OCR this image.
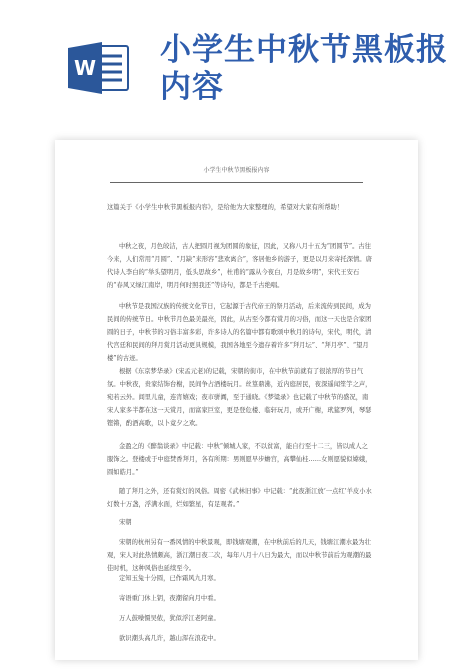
W 小学生中秋节黑板报内容
小学生中秋节黑板报内容
这篇关于《小学生中秋节黑板报内容》，是给他为大家整理的，希望对大家有所帮助！
中秋之夜，月色皎洁，古人把圆月视为团圆的象征，因此，又称八月十五为“团圆节”。古往今来，人们常用“月圆”、“月缺”来形容“悲欢离合”，客居他乡的游子，更是以月来寄托深情。唐代诗人李白的“举头望明月，低头思故乡”，杜甫的“露从今夜白，月是故乡明”，宋代王安石的“春风又绿江南岸，明月何时照我还”等诗句，都是千古绝唱。
中秋节是我国汉族的传统文化节日，它起源于古代帝王的祭月活动，后来流传到民间，成为民间的传统节日。中秋节月色最美最亮，因此，从古至今都有赏月的习俗，而这一天也是合家团圆的日子，中秋节的习俗丰富多彩，许多诗人的名篇中都有歌颂中秋月的诗句，宋代，明代，清代宫廷和民间的拜月赏月活动更具规模，我国各地至今遗存着许多“拜月坛”、“拜月亭”、“望月楼”的古迹。
根据《东京梦华录》(宋孟元老)的记载，宋朝的街市，在中秋节前就有了很浓厚的节日气氛。中秋夜，贵家结饰台榭，民间争占酒楼玩月。丝篁鼎沸，近内庭居民，夜深遥闻笙竽之声，宛若云外。闾里儿童，连宵嬉戏；夜市骈阗，至于通晓。《梦粱录》也记载了中秋节的盛况，南宋人家多半都在这一天赏月，而富家巨室，更是登危楼、临轩玩月，或开广榭，玳筵罗列，琴瑟铿锵，酌酒高歌，以卜竟夕之欢。
金盈之的《醉翁谈录》中记载：中秋“倾城人家，不以贫富，能自行至十二三，皆以成人之服饰之。登楼或于中庭焚香拜月，各有所期：男则愿早步蟾宫，高攀仙桂……女则愿貌似嫦娥，圆如皓月。”
随了拜月之外，还有赏灯的风俗。周密《武林旧事》中记载：“此夜浙江放‘一点红’羊皮小水灯数十万盏，浮满水面，烂如繁星，有足观者。”
宋朝
宋朝的杭州另有一番风情的中秋景观，即钱塘观潮，在中秋前后的几天，钱塘江潮水最为壮观，宋人对此热情颇高，浙江潮日夜二次，每年八月十八日为最大，而以中秋节前后为观潮的最佳时机，这种风俗也延续至今。
定知玉兔十分圆，已作霜风九月寒。
寄语重门休上钥，夜潮留向月中看。
万人鼓噪慑吴侬，犹似浮江老阿童。
欲识潮头高几许，越山浑在浪花中。
